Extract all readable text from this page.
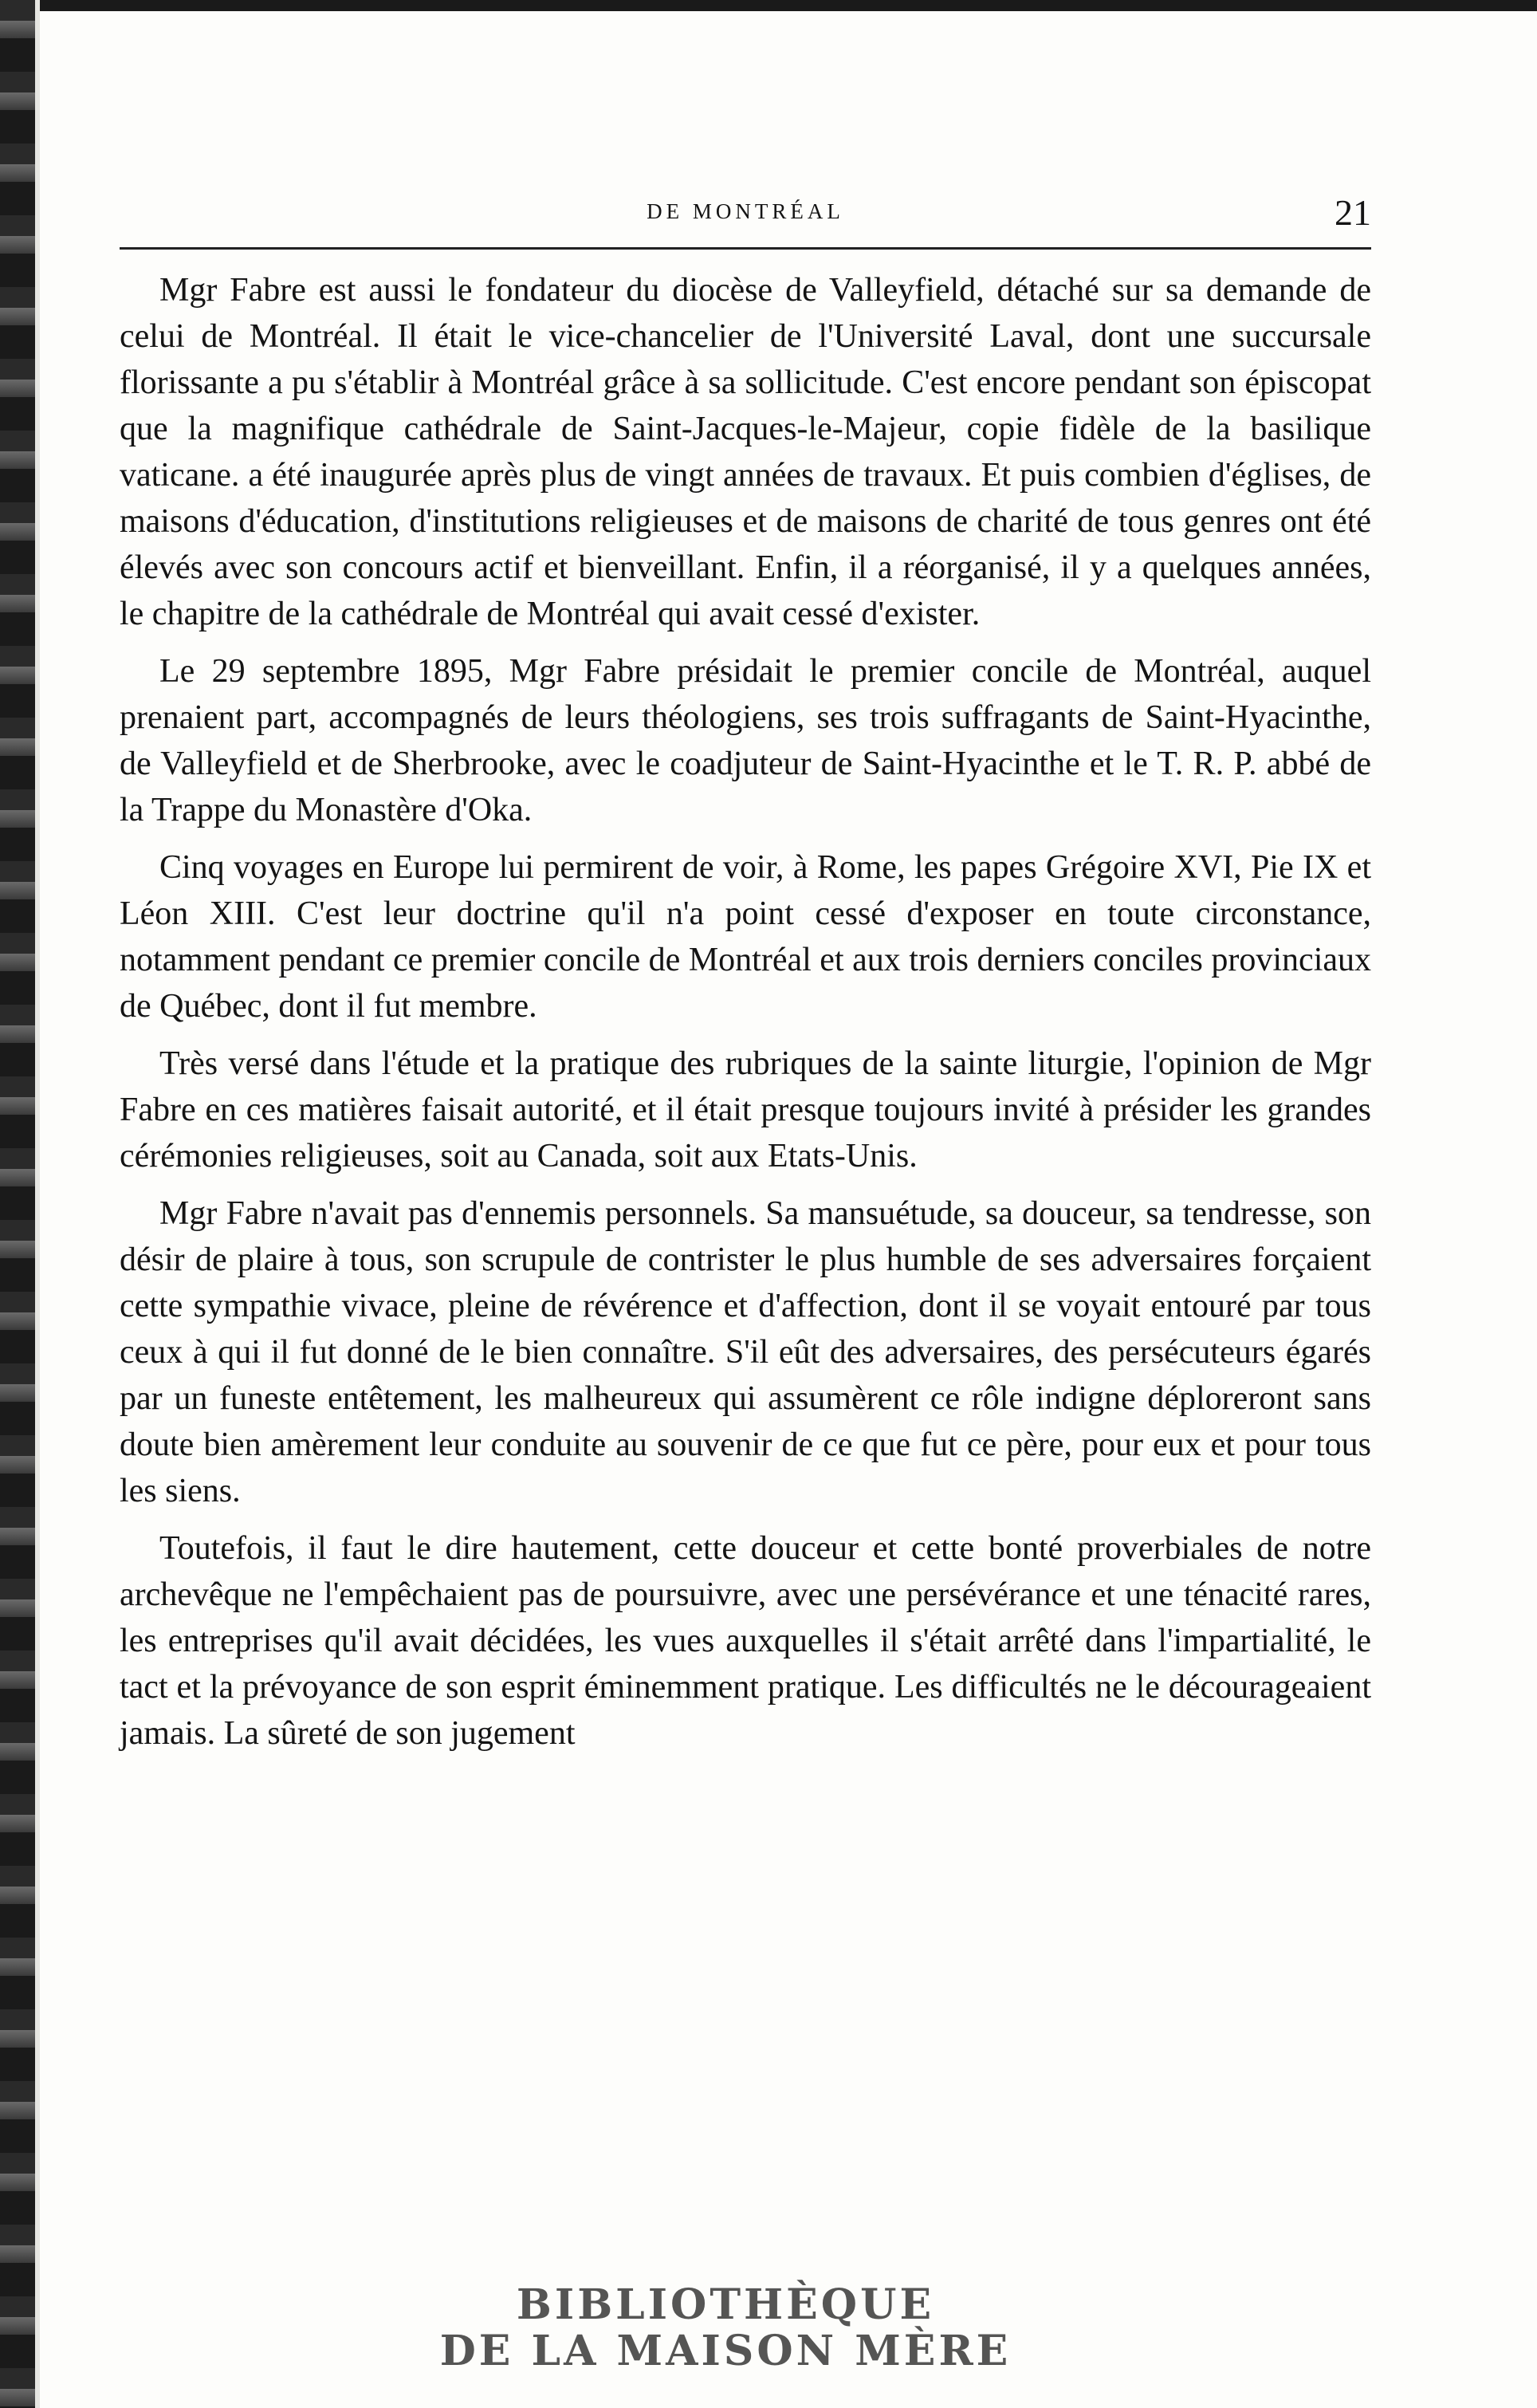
DE MONTRÉAL	21

Mgr Fabre est aussi le fondateur du diocèse de Valleyfield, détaché sur sa demande de celui de Montréal. Il était le vice-chancelier de l'Université Laval, dont une succursale florissante a pu s'établir à Montréal grâce à sa sollicitude. C'est encore pendant son épiscopat que la magnifique cathédrale de Saint-Jacques-le-Majeur, copie fidèle de la basilique vaticane. a été inaugurée après plus de vingt années de travaux. Et puis combien d'églises, de maisons d'éducation, d'institutions religieuses et de maisons de charité de tous genres ont été élevés avec son concours actif et bienveillant. Enfin, il a réorganisé, il y a quelques années, le chapitre de la cathédrale de Montréal qui avait cessé d'exister.

Le 29 septembre 1895, Mgr Fabre présidait le premier concile de Montréal, auquel prenaient part, accompagnés de leurs théologiens, ses trois suffragants de Saint-Hyacinthe, de Valleyfield et de Sherbrooke, avec le coadjuteur de Saint-Hyacinthe et le T. R. P. abbé de la Trappe du Monastère d'Oka.

Cinq voyages en Europe lui permirent de voir, à Rome, les papes Grégoire XVI, Pie IX et Léon XIII. C'est leur doctrine qu'il n'a point cessé d'exposer en toute circonstance, notamment pendant ce premier concile de Montréal et aux trois derniers conciles provinciaux de Québec, dont il fut membre.

Très versé dans l'étude et la pratique des rubriques de la sainte liturgie, l'opinion de Mgr Fabre en ces matières faisait autorité, et il était presque toujours invité à présider les grandes cérémonies religieuses, soit au Canada, soit aux Etats-Unis.

Mgr Fabre n'avait pas d'ennemis personnels. Sa mansuétude, sa douceur, sa tendresse, son désir de plaire à tous, son scrupule de contrister le plus humble de ses adversaires forçaient cette sympathie vivace, pleine de révérence et d'affection, dont il se voyait entouré par tous ceux à qui il fut donné de le bien connaître. S'il eût des adversaires, des persécuteurs égarés par un funeste entêtement, les malheureux qui assumèrent ce rôle indigne déploreront sans doute bien amèrement leur conduite au souvenir de ce que fut ce père, pour eux et pour tous les siens.

Toutefois, il faut le dire hautement, cette douceur et cette bonté proverbiales de notre archevêque ne l'empêchaient pas de poursuivre, avec une persévérance et une ténacité rares, les entreprises qu'il avait décidées, les vues auxquelles il s'était arrêté dans l'impartialité, le tact et la prévoyance de son esprit éminemment pratique. Les difficultés ne le décourageaient jamais. La sûreté de son jugement

BIBLIOTHÈQUE
DE LA MAISON MÈRE
